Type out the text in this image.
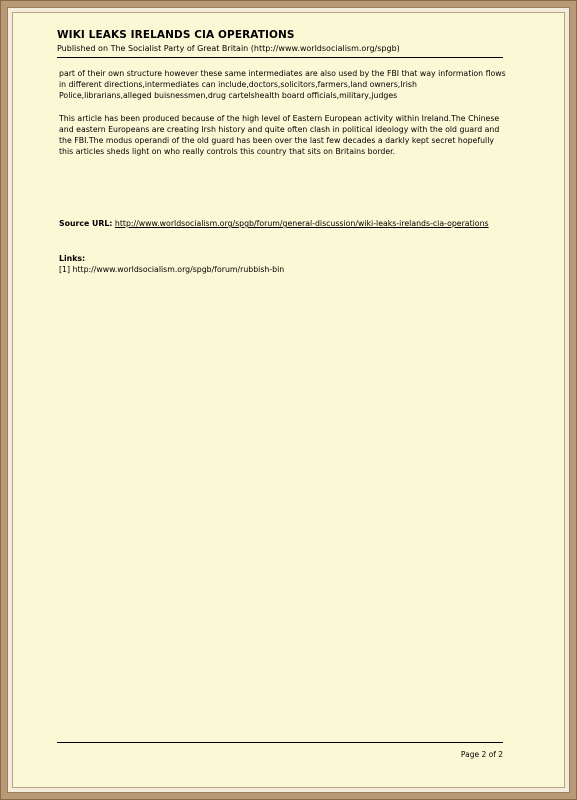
WIKI LEAKS IRELANDS CIA OPERATIONS
Published on The Socialist Party of Great Britain (http://www.worldsocialism.org/spgb)

part of their own structure however these same intermediates are also used by the FBI that way information flows in different directions,intermediates can include,doctors,solicitors,farmers,land owners,Irish Police,librarians,alleged buisnessmen,drug cartelshealth board officials,military,judges

This article has been produced because of the high level of Eastern European activity within Ireland.The Chinese and eastern Europeans are creating Irsh history and quite often clash in political ideology with the old guard and the FBI.The modus operandi of the old guard has been over the last few decades a darkly kept secret hopefully this articles sheds light on who really controls this country that sits on Britains border.

Source URL: http://www.worldsocialism.org/spgb/forum/general-discussion/wiki-leaks-irelands-cia-operations
Links:
[1] http://www.worldsocialism.org/spgb/forum/rubbish-bin
Page 2 of 2
